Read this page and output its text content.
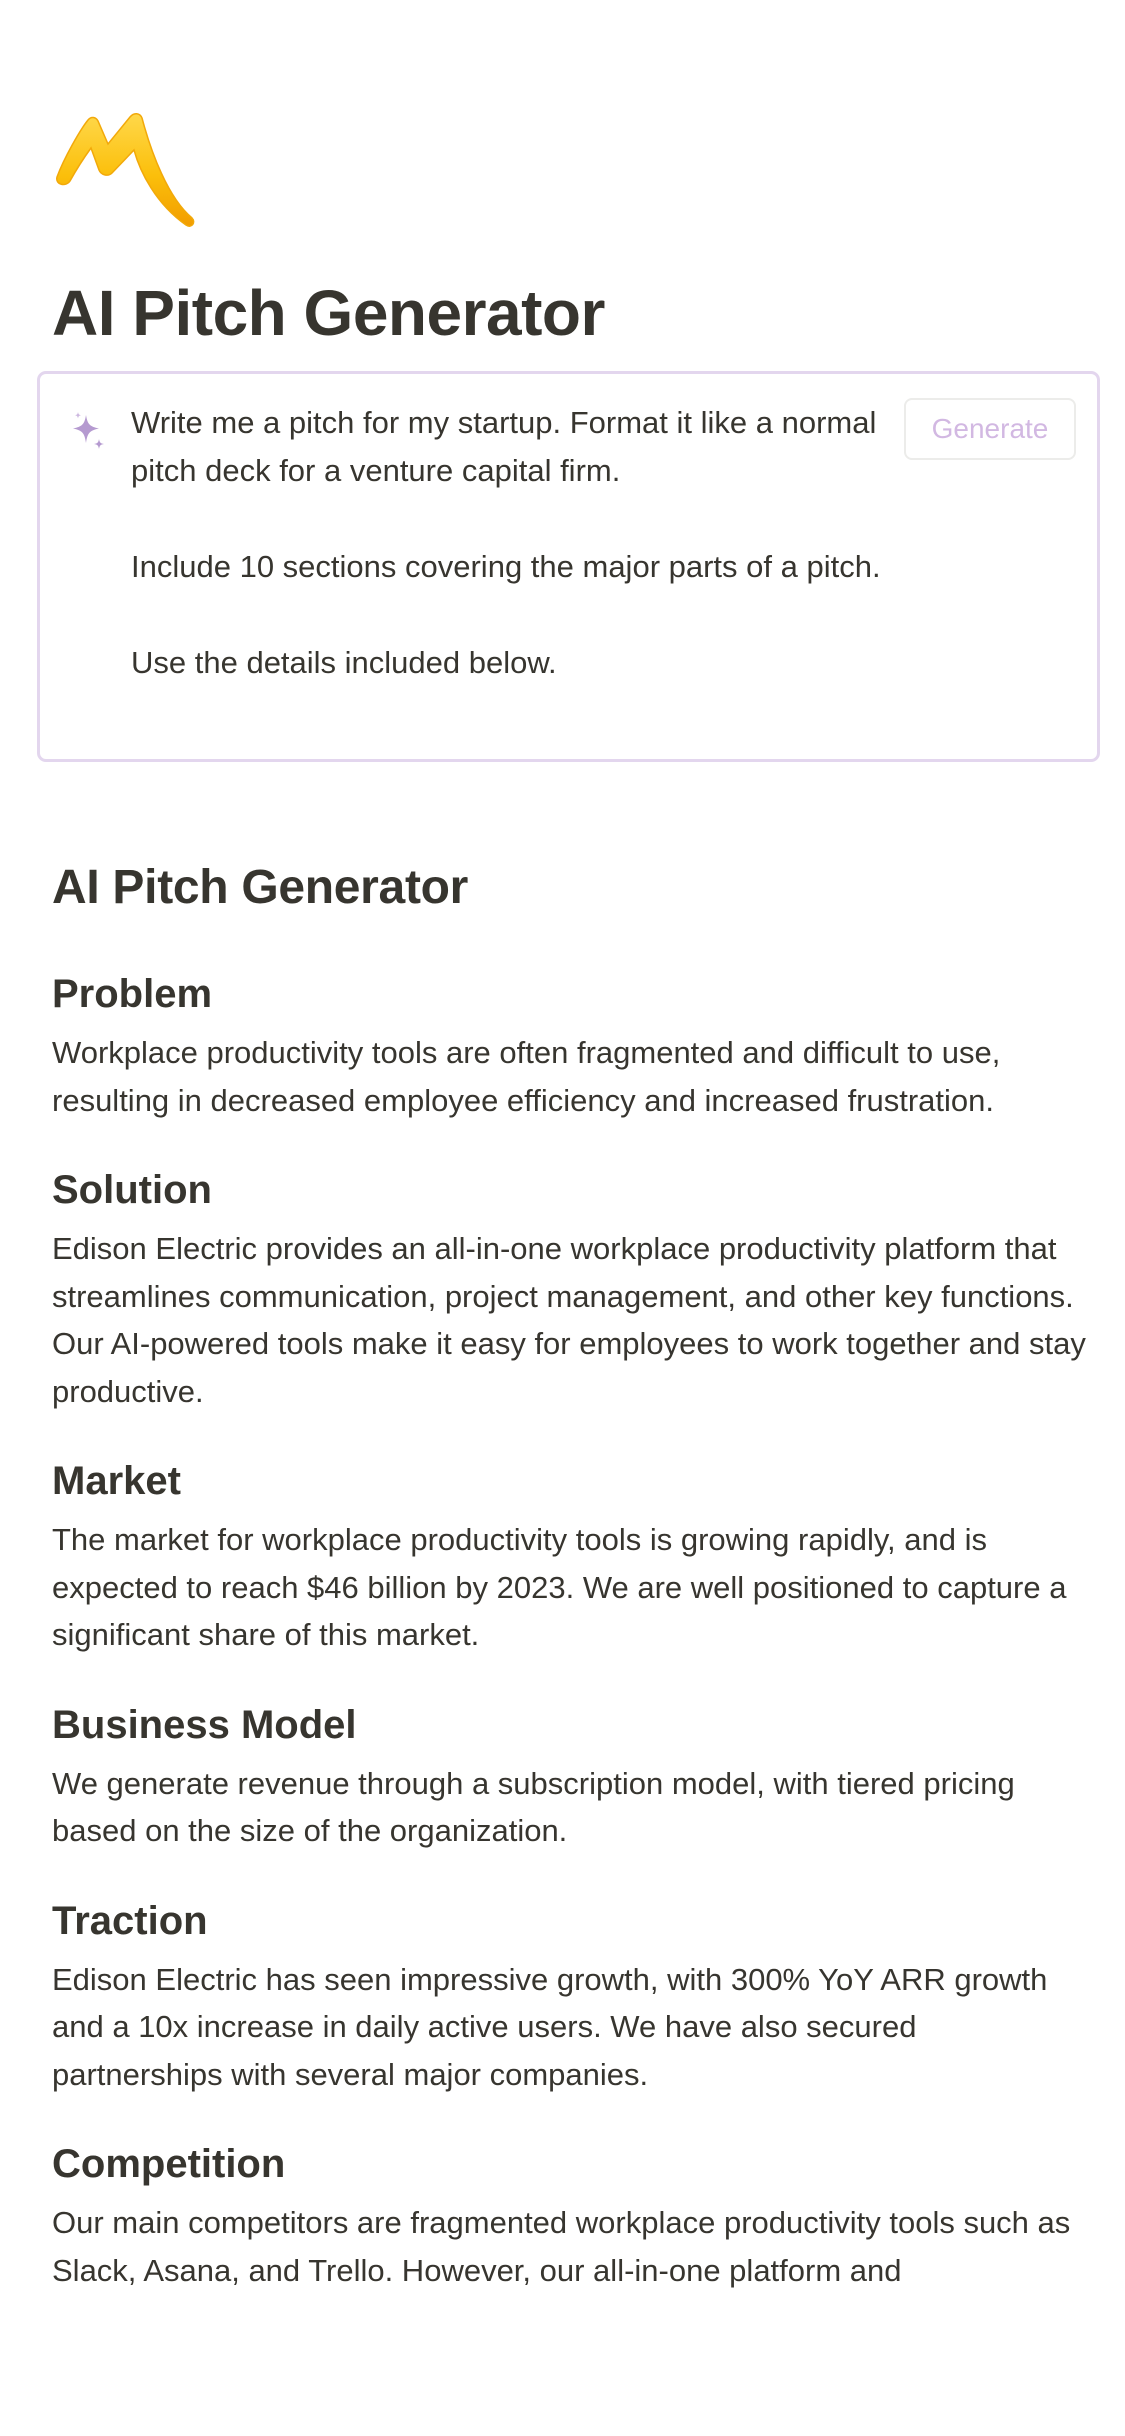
AI Pitch Generator

Write me a pitch for my startup. Format it like a normal pitch deck for a venture capital firm.

Include 10 sections covering the major parts of a pitch.

Use the details included below.

Generate
AI Pitch Generator
Problem

Workplace productivity tools are often fragmented and difficult to use, resulting in decreased employee efficiency and increased frustration.

Solution

Edison Electric provides an all-in-one workplace productivity platform that streamlines communication, project management, and other key functions. Our AI-powered tools make it easy for employees to work together and stay productive.

Market

The market for workplace productivity tools is growing rapidly, and is expected to reach $46 billion by 2023. We are well positioned to capture a significant share of this market.

Business Model

We generate revenue through a subscription model, with tiered pricing based on the size of the organization.

Traction

Edison Electric has seen impressive growth, with 300% YoY ARR growth and a 10x increase in daily active users. We have also secured partnerships with several major companies.

Competition

Our main competitors are fragmented workplace productivity tools such as Slack, Asana, and Trello. However, our all-in-one platform and
